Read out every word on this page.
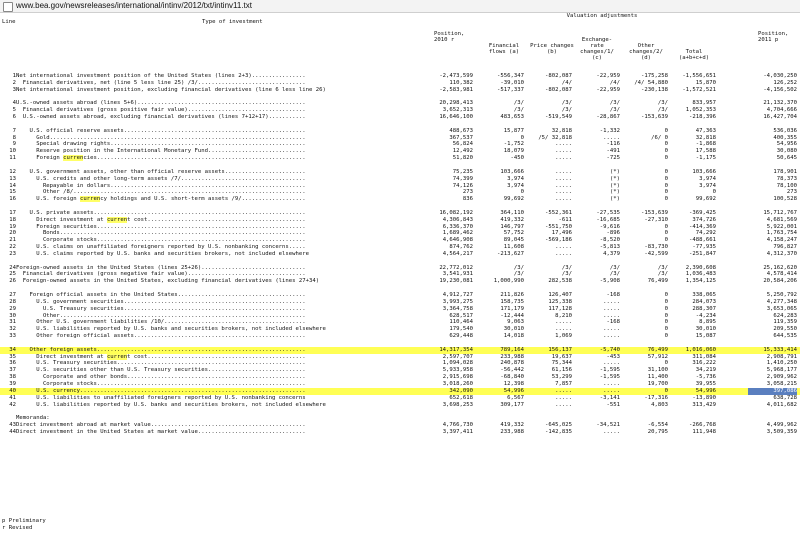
www.bea.gov/newsreleases/international/intinv/2012/txt/intinv11.txt
Line	Type of investment
Valuation adjustments
Position, 2010 r
Financial flows (a)
Price changes (b)
Exchange- rate changes/1/ (c)
Other changes/2/ (d)
Total (a+b+c+d)
Position, 2011 p
1 Net international investment position of the United States (lines 2+3)................	-2,473,599	-556,347	-802,087	-22,959	-175,258	-1,556,651	-4,030,250
2 Financial derivatives, net (line 5 less line 25) /3/................................	110,382	-39,010	/4/	/4/	/4/ 54,880	15,870	126,252
3 Net international investment position, excluding financial derivatives (line 6 less line 26)	-2,583,981	-517,337	-802,087	-22,959	-230,138	-1,572,521	-4,156,502
4 U.S.-owned assets abroad (lines 5+6)..................................................	20,298,413	/3/	/3/	/3/	/3/	833,957	21,132,370
5 Financial derivatives (gross positive fair value)...................................	3,652,313	/3/	/3/	/3/	/3/	1,052,353	4,704,666
6 U.S.-owned assets abroad, excluding financial derivatives (lines 7+12+17)...........	16,646,100	483,653	-519,549	-28,867	-153,639	-218,396	16,427,704
7 U.S. official reserve assets......................................................	488,673	15,877	32,818	-1,332	0	47,363	536,036
8 Gold............................................................................	367,537	0	/5/ 32,818	.....	/6/ 0	32,818	400,355
9 Special drawing rights..........................................................	56,824	-1,752	.....	-116	0	-1,868	54,956
10 Reserve position in the International Monetary Fund.............................	12,492	18,079	.....	-491	0	17,588	30,080
11 Foreign currencies..............................................................	51,820	-450	.....	-725	0	-1,175	50,645
12 U.S. government assets, other than official reserve assets........................	75,235	103,666	.....	(*)	0	103,666	178,901
13 U.S. credits and other long-term assets /7/.....................................	74,399	3,974	.....	(*)	0	3,974	78,373
14 Repayable in dollars..........................................................	74,126	3,974	.....	(*)	0	3,974	78,100
15 Other /8/.....................................................................	273	0	.....	(*)	0	0	273
16 U.S. foreign currency holdings and U.S. short-term assets /9/...................	836	99,692	.....	(*)	0	99,692	100,528
17 U.S. private assets...............................................................	16,082,192	364,110	-552,361	-27,535	-153,639	-369,425	15,712,767
18 Direct investment at current cost...............................................	4,306,843	419,332	-611	-16,685	-27,310	374,726	4,681,569
19 Foreign securities..............................................................	6,336,370	146,797	-551,750	-9,616	0	-414,369	5,922,001
20 Bonds.........................................................................	1,689,462	57,752	17,496	-896	0	74,292	1,763,754
21 Corporate stocks..............................................................	4,646,908	89,045	-569,186	-8,520	0	-488,661	4,158,247
22 U.S. claims on unaffiliated foreigners reported by U.S. nonbanking concerns.....	874,762	11,608	.....	-5,813	-83,730	-77,935	796,827
23 U.S. claims reported by U.S. banks and securities brokers, not included elsewhere	4,564,217	-213,627	.....	4,379	-42,599	-251,847	4,312,370
24 Foreign-owned assets in the United States (lines 25+26)...............................	22,772,012	/3/	/3/	/3/	/3/	2,390,608	25,162,620
25 Financial derivatives (gross negative fair value)...................................	3,541,931	/3/	/3/	/3/	/3/	1,036,483	4,578,414
26 Foreign-owned assets in the United States, excluding financial derivatives (lines 27+34)	19,230,081	1,000,990	282,538	-5,908	76,499	1,354,125	20,584,206
27 Foreign official assets in the United States......................................	4,912,727	211,826	126,407	-168	0	338,065	5,250,792
28 U.S. government securities......................................................	3,993,275	158,735	125,338	.....	0	284,073	4,277,348
29 U.S. Treasury securities......................................................	3,364,758	171,179	117,128	.....	0	288,307	3,653,065
30 Other.........................................................................	628,517	-12,444	8,210	.....	0	-4,234	624,283
31 Other U.S. government liabilities /10/..........................................	110,464	9,063	.....	-168	0	8,895	119,359
32 U.S. liabilities reported by U.S. banks and securities brokers, not included elsewhere	179,540	30,010	.....	.....	0	30,010	209,550
33 Other foreign official assets...................................................	629,448	14,018	1,069	.....	0	15,087	644,535
34 Other foreign assets..............................................................	14,317,354	789,164	156,137	-5,740	76,499	1,016,060	15,333,414
35 Direct investment at current cost...............................................	2,597,707	233,988	19,637	-453	57,912	311,084	2,908,791
36 U.S. Treasury securities........................................................	1,094,028	240,878	75,344	.....	0	316,222	1,410,250
37 U.S. securities other than U.S. Treasury securities.............................	5,933,958	-56,442	61,156	-1,595	31,100	34,219	5,968,177
38 Corporate and other bonds.....................................................	2,915,698	-68,840	53,299	-1,595	11,400	-5,736	2,909,962
39 Corporate stocks..............................................................	3,018,260	12,398	7,857	.....	19,700	39,955	3,058,215
40 U.S. currency...................................................................	342,090	54,996	.....	.....	0	54,996	397,086
41 U.S. liabilities to unaffiliated foreigners reported by U.S. nonbanking concerns	652,618	6,567	.....	-3,141	-17,316	-13,890	638,728
42 U.S. liabilities reported by U.S. banks and securities brokers, not included elsewhere	3,698,253	309,177	.....	-551	4,803	313,429	4,011,682
Memoranda:
43 Direct investment abroad at market value..............................................	4,766,730	419,332	-645,025	-34,521	-6,554	-266,768	4,499,962
44 Direct investment in the United States at market value................................	3,397,411	233,988	-142,835	.....	20,795	111,948	3,509,359
p Preliminary
r Revised
